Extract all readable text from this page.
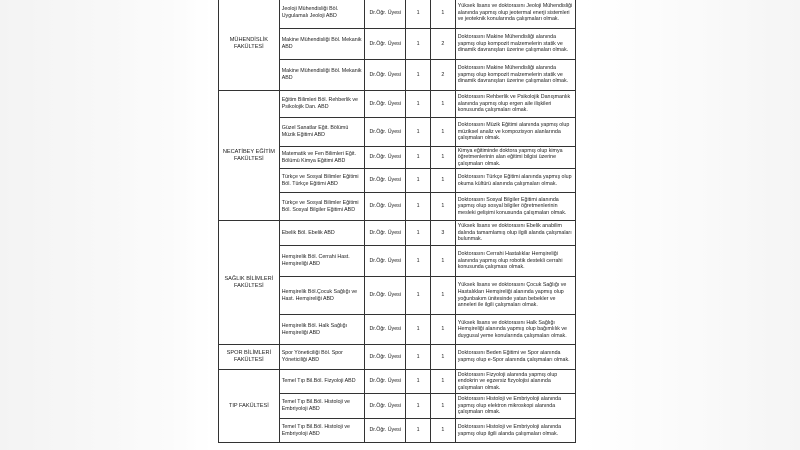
MÜHENDİSLİK FAKÜLTESİ	Jeoloji Mühendisliği Böl. Uygulamalı Jeoloji ABD	Dr.Öğr. Üyesi	1	1	Yüksek lisans ve doktorasını Jeoloji Mühendisliği alanında yapmış olup jeotermal enerji sistemleri ve jeoteknik konularında çalışmaları olmak.
	Makine Mühendisliği Böl. Mekanik ABD	Dr.Öğr. Üyesi	1	2	Doktorasını Makine Mühendisliği alanında yapmış olup kompozit malzemelerin statik ve dinamik davranışları üzerine çalışmaları olmak.
	Makine Mühendisliği Böl. Mekanik ABD	Dr.Öğr. Üyesi	1	2	Doktorasını Makine Mühendisliği alanında yapmış olup kompozit malzemelerin statik ve dinamik davranışları üzerine çalışmaları olmak.
NECATİBEY EĞİTİM FAKÜLTESİ	Eğitim Bilimleri Böl. Rehberlik ve Psikolojik Dan. ABD	Dr.Öğr. Üyesi	1	1	Doktorasını Rehberlik ve Psikolojik Danışmanlık alanında yapmış olup ergen aile ilişkileri konusunda çalışmaları olmak.
	Güzel Sanatlar Eğit. Bölümü Müzik Eğitimi ABD	Dr.Öğr. Üyesi	1	1	Doktorasını Müzik Eğitimi alanında yapmış olup müziksel analiz ve kompozisyon alanlarında çalışmaları olmak.
	Matematik ve Fen Bilimleri Eğit. Bölümü Kimya Eğitimi ABD	Dr.Öğr. Üyesi	1	1	Kimya eğitiminde doktora yapmış olup kimya öğretmenlerinin alan eğitimi bilgisi üzerine çalışmaları olmak.
	Türkçe ve Sosyal Bilimler Eğitimi Böl. Türkçe Eğitimi ABD	Dr.Öğr. Üyesi	1	1	Doktorasını Türkçe Eğitimi alanında yapmış olup okuma kültürü alanında çalışmaları olmak.
	Türkçe ve Sosyal Bilimler Eğitimi Böl. Sosyal Bilgiler Eğitimi ABD	Dr.Öğr. Üyesi	1	1	Doktorasını Sosyal Bilgiler Eğitimi alanında yapmış olup sosyal bilgiler öğretmenlerinin mesleki gelişimi konusunda çalışmaları olmak.
SAĞLIK BİLİMLERİ FAKÜLTESİ	Ebelik Böl. Ebelik ABD	Dr.Öğr. Üyesi	1	3	Yüksek lisans ve doktorasını Ebelik anabilim dalında tamamlamış olup ilgili alanda çalışmaları bulunmak.
	Hemşirelik Böl. Cerrahi Hast. Hemşireliği ABD	Dr.Öğr. Üyesi	1	1	Doktorasını Cerrahi Hastalıklar Hemşireliği alanında yapmış olup robotik destekli cerrahi konusunda çalışması olmak.
	Hemşirelik Böl.Çocuk Sağlığı ve Hast. Hemşireliği ABD	Dr.Öğr. Üyesi	1	1	Yüksek lisans ve doktorasını Çocuk Sağlığı ve Hastalıkları Hemşireliği alanında yapmış olup yoğunbakım ünitesinde yatan bebekler ve anneleri ile ilgili çalışmaları olmak.
	Hemşirelik Böl. Halk Sağlığı Hemşireliği ABD	Dr.Öğr. Üyesi	1	1	Yüksek lisans ve doktorasını Halk Sağlığı Hemşireliği alanında yapmış olup bağımlılık ve duygusal yeme konularında çalışmaları olmak.
SPOR BİLİMLERİ FAKÜLTESİ	Spor Yöneticiliği Böl. Spor Yöneticiliği ABD	Dr.Öğr. Üyesi	1	1	Doktorasını Beden Eğitimi ve Spor alanında yapmış olup e-Spor alanında çalışmaları olmak.
TIP FAKÜLTESİ	Temel Tıp Bil.Böl. Fizyoloji ABD	Dr.Öğr. Üyesi	1	1	Doktorasını Fizyoloji alanında yapmış olup endokrin ve egzersiz fizyolojisi alanında çalışmaları olmak.
	Temel Tıp Bil.Böl. Histoloji ve Embriyoloji ABD	Dr.Öğr. Üyesi	1	1	Doktorasını Histoloji ve Embriyoloji alanında yapmış olup elektron mikroskopi alanında çalışmaları olmak.
	Temel Tıp Bil.Böl. Histoloji ve Embriyoloji ABD	Dr.Öğr. Üyesi	1	1	Doktorasını Histoloji ve Embriyoloji alanında yapmış olup ilgili alanda çalışmaları olmak.
